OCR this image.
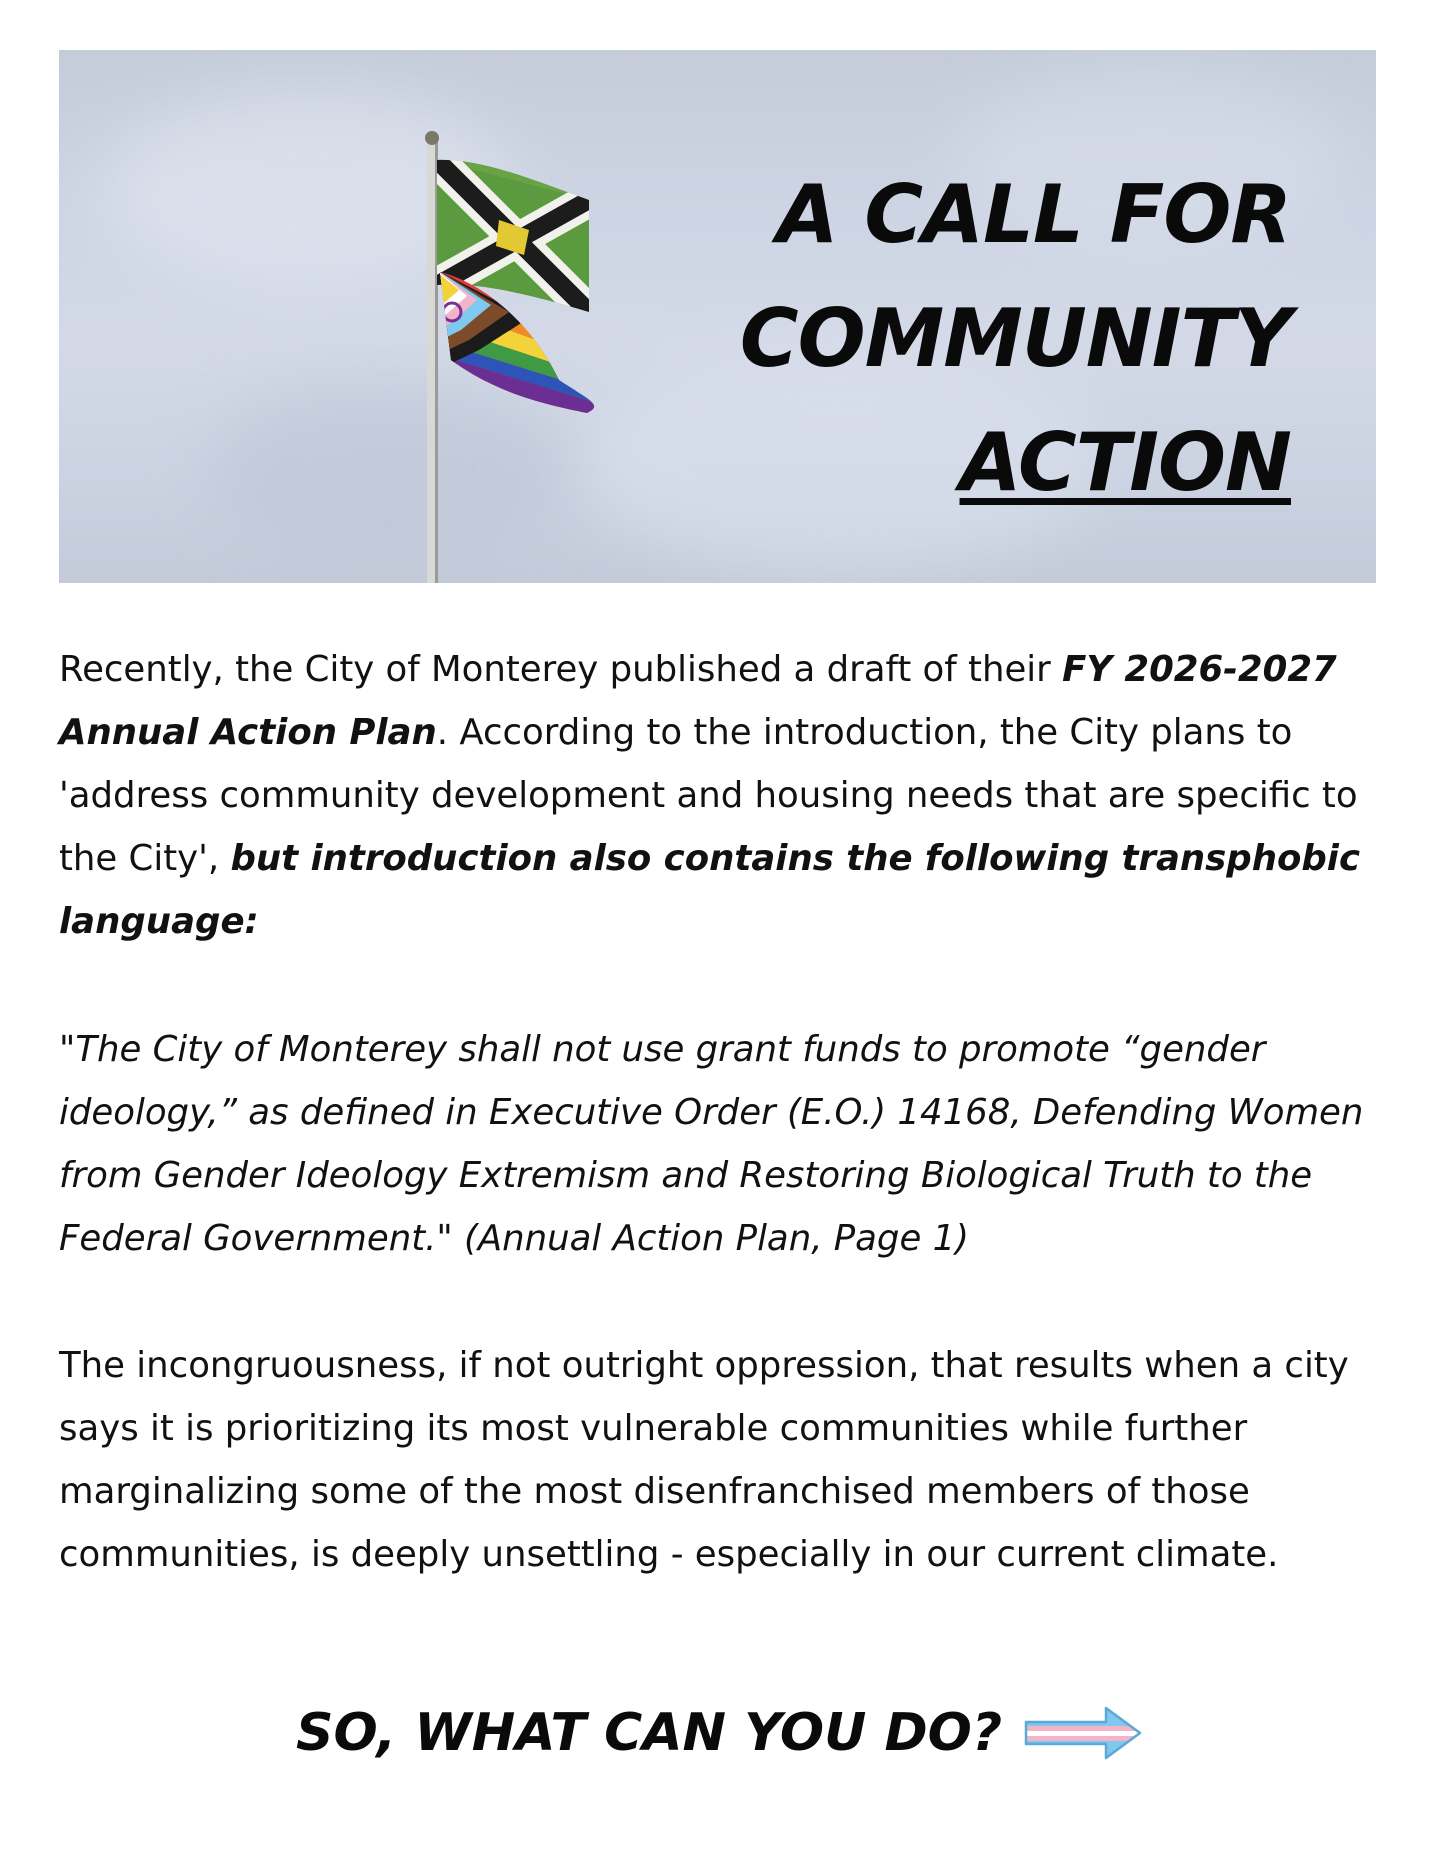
A CALL FOR
COMMUNITY
ACTION

Recently, the City of Monterey published a draft of their FY 2026-2027 Annual Action Plan. According to the introduction, the City plans to 'address community development and housing needs that are specific to the City', but introduction also contains the following transphobic language:

"The City of Monterey shall not use grant funds to promote “gender ideology,” as defined in Executive Order (E.O.) 14168, Defending Women from Gender Ideology Extremism and Restoring Biological Truth to the Federal Government." (Annual Action Plan, Page 1)

The incongruousness, if not outright oppression, that results when a city says it is prioritizing its most vulnerable communities while further marginalizing some of the most disenfranchised members of those communities, is deeply unsettling - especially in our current climate.

SO, WHAT CAN YOU DO?
